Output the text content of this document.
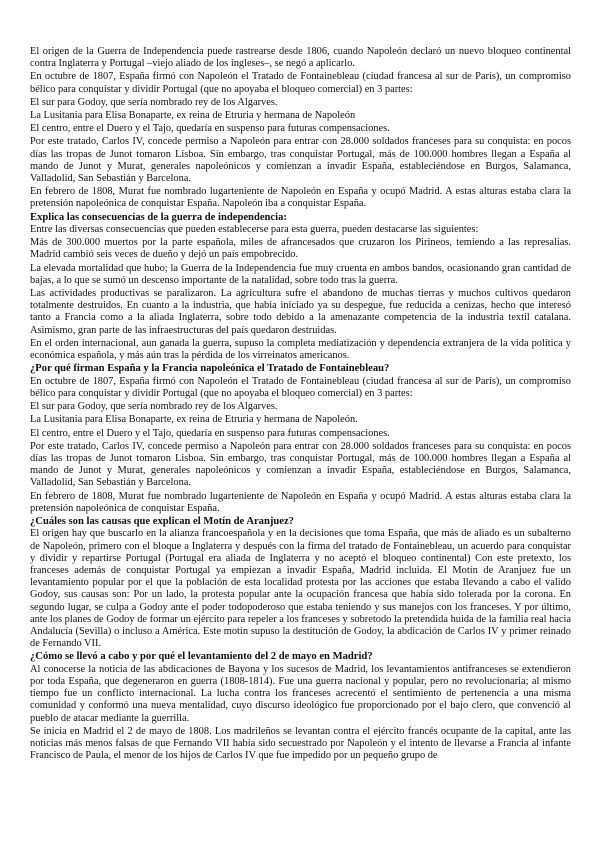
El origen de la Guerra de Independencia puede rastrearse desde 1806, cuando Napoleón declaró un nuevo bloqueo continental contra Inglaterra y Portugal –viejo aliado de los ingleses–, se negó a aplicarlo.

En octubre de 1807, España firmó con Napoleón el Tratado de Fontainebleau (ciudad francesa al sur de París), un compromiso bélico para conquistar y dividir Portugal (que no apoyaba el bloqueo comercial) en 3 partes:

El sur para Godoy, que sería nombrado rey de los Algarves.

La Lusitania para Elisa Bonaparte, ex reina de Etruria y hermana de Napoleón

El centro, entre el Duero y el Tajo, quedaría en suspenso para futuras compensaciones.

Por este tratado, Carlos IV, concede permiso a Napoleón para entrar con 28.000 soldados franceses para su conquista: en pocos días las tropas de Junot tomaron Lisboa. Sin embargo, tras conquistar Portugal, más de 100.000 hombres llegan a España al mando de Junot y Murat, generales napoleónicos y comienzan a invadir España, estableciéndose en Burgos, Salamanca, Valladolid, San Sebastián y Barcelona.

En febrero de 1808, Murat fue nombrado lugarteniente de Napoleón en España y ocupó Madrid. A estas alturas estaba clara la pretensión napoleónica de conquistar España. Napoleón iba a conquistar España.

Explica las consecuencias de la guerra de independencia:

Entre las diversas consecuencias que pueden establecerse para esta guerra, pueden destacarse las siguientes:

Más de 300.000 muertos por la parte española, miles de afrancesados que cruzaron los Pirineos, temiendo a las represalias. Madrid cambió seis veces de dueño y dejó un país empobrecido.

La elevada mortalidad que hubo; la Guerra de la Independencia fue muy cruenta en ambos bandos, ocasionando gran cantidad de bajas, a lo que se sumó un descenso importante de la natalidad, sobre todo tras la guerra.

Las actividades productivas se paralizaron. La agricultura sufre el abandono de muchas tierras y muchos cultivos quedaron totalmente destruidos. En cuanto a la industria, que había iniciado ya su despegue, fue reducida a cenizas, hecho que interesó tanto a Francia como a la aliada Inglaterra, sobre todo debido a la amenazante competencia de la industria textil catalana. Asimismo, gran parte de las infraestructuras del país quedaron destruidas.

En el orden internacional, aun ganada la guerra, supuso la completa mediatización y dependencia extranjera de la vida política y económica española, y más aún tras la pérdida de los virreinatos americanos.

¿Por qué firman España y la Francia napoleónica el Tratado de Fontainebleau?

En octubre de 1807, España firmó con Napoleón el Tratado de Fontainebleau (ciudad francesa al sur de París), un compromiso bélico para conquistar y dividir Portugal (que no apoyaba el bloqueo comercial) en 3 partes:

El sur para Godoy, que sería nombrado rey de los Algarves.

La Lusitania para Elisa Bonaparte, ex reina de Etruria y hermana de Napoleón.

El centro, entre el Duero y el Tajo, quedaría en suspenso para futuras compensaciones.

Por este tratado, Carlos IV, concede permiso a Napoleón para entrar con 28.000 soldados franceses para su conquista: en pocos días las tropas de Junot tomaron Lisboa. Sin embargo, tras conquistar Portugal, más de 100.000 hombres llegan a España al mando de Junot y Murat, generales napoleónicos y comienzan a invadir España, estableciéndose en Burgos, Salamanca, Valladolid, San Sebastián y Barcelona.

En febrero de 1808, Murat fue nombrado lugarteniente de Napoleón en España y ocupó Madrid. A estas alturas estaba clara la pretensión napoleónica de conquistar España.

¿Cuáles son las causas que explican el Motín de Aranjuez?

El origen hay que buscarlo en la alianza francoespañola y en la decisiones que toma España, que más de aliado es un subalterno de Napoleón, primero con el bloque a Inglaterra y después con la firma del tratado de Fontainebleau, un acuerdo para conquistar y dividir y repartirse Portugal (Portugal era aliada de Inglaterra y no aceptó el bloqueo continental) Con este pretexto, los franceses además de conquistar Portugal ya empiezan a invadir España, Madrid incluida. El Motín de Aranjuez fue un levantamiento popular por el que la población de esta localidad protesta por las acciones que estaba llevando a cabo el valido Godoy, sus causas son: Por un lado, la protesta popular ante la ocupación francesa que había sido tolerada por la corona. En segundo lugar, se culpa a Godoy ante el poder todopoderoso que estaba teniendo y sus manejos con los franceses. Y por último, ante los planes de Godoy de formar un ejército para repeler a los franceses y sobretodo la pretendida huida de la familia real hacia Andalucía (Sevilla) o incluso a América. Este motín supuso la destitución de Godoy, la abdicación de Carlos IV y primer reinado de Fernando VII.

¿Cómo se llevó a cabo y por qué el levantamiento del 2 de mayo en Madrid?

Al conocerse la noticia de las abdicaciones de Bayona y los sucesos de Madrid, los levantamientos antifranceses se extendieron por toda España, que degeneraron en guerra (1808-1814). Fue una guerra nacional y popular, pero no revolucionaria; al mismo tiempo fue un conflicto internacional. La lucha contra los franceses acrecentó el sentimiento de pertenencia a una misma comunidad y conformó una nueva mentalidad, cuyo discurso ideológico fue proporcionado por el bajo clero, que convenció al pueblo de atacar mediante la guerrilla.

Se inicia en Madrid el 2 de mayo de 1808. Los madrileños se levantan contra el ejército francés ocupante de la capital, ante las noticias más menos falsas de que Fernando VII había sido secuestrado por Napoleón y el intento de llevarse a Francia al infante Francisco de Paula, el menor de los hijos de Carlos IV que fue impedido por un pequeño grupo de
